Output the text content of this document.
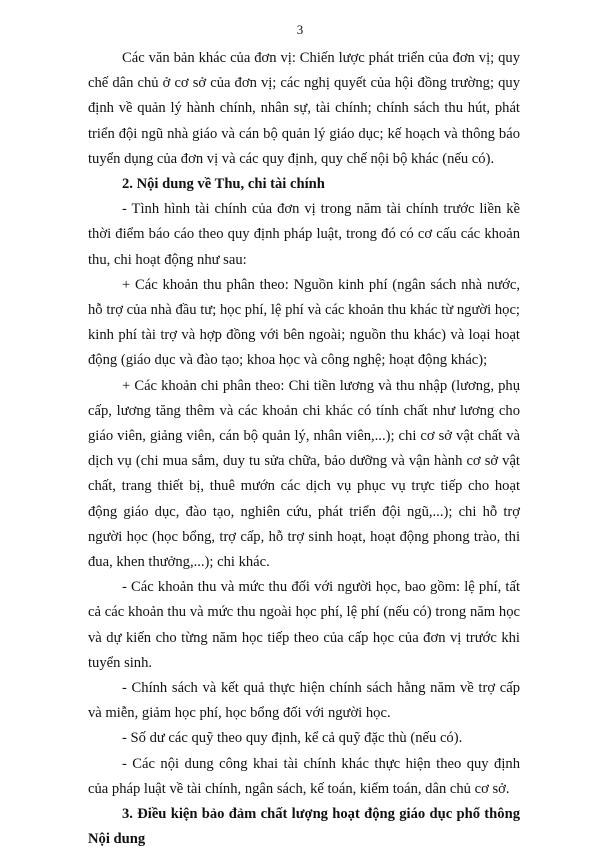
3

Các văn bản khác của đơn vị: Chiến lược phát triển của đơn vị; quy chế dân chủ ở cơ sở của đơn vị; các nghị quyết của hội đồng trường; quy định về quản lý hành chính, nhân sự, tài chính; chính sách thu hút, phát triển đội ngũ nhà giáo và cán bộ quản lý giáo dục; kế hoạch và thông báo tuyển dụng của đơn vị và các quy định, quy chế nội bộ khác (nếu có).

2. Nội dung về Thu, chi tài chính

- Tình hình tài chính của đơn vị trong năm tài chính trước liền kề thời điểm báo cáo theo quy định pháp luật, trong đó có cơ cấu các khoản thu, chi hoạt động như sau:

+ Các khoản thu phân theo: Nguồn kinh phí (ngân sách nhà nước, hỗ trợ của nhà đầu tư; học phí, lệ phí và các khoản thu khác từ người học; kinh phí tài trợ và hợp đồng với bên ngoài; nguồn thu khác) và loại hoạt động (giáo dục và đào tạo; khoa học và công nghệ; hoạt động khác);

+ Các khoản chi phân theo: Chi tiền lương và thu nhập (lương, phụ cấp, lương tăng thêm và các khoản chi khác có tính chất như lương cho giáo viên, giảng viên, cán bộ quản lý, nhân viên,...); chi cơ sở vật chất và dịch vụ (chi mua sắm, duy tu sửa chữa, bảo dưỡng và vận hành cơ sở vật chất, trang thiết bị, thuê mướn các dịch vụ phục vụ trực tiếp cho hoạt động giáo dục, đào tạo, nghiên cứu, phát triển đội ngũ,...); chi hỗ trợ người học (học bổng, trợ cấp, hỗ trợ sinh hoạt, hoạt động phong trào, thi đua, khen thưởng,...); chi khác.

- Các khoản thu và mức thu đối với người học, bao gồm: lệ phí, tất cả các khoản thu và mức thu ngoài học phí, lệ phí (nếu có) trong năm học và dự kiến cho từng năm học tiếp theo của cấp học của đơn vị trước khi tuyển sinh.

- Chính sách và kết quả thực hiện chính sách hằng năm về trợ cấp và miễn, giảm học phí, học bổng đối với người học.

- Số dư các quỹ theo quy định, kể cả quỹ đặc thù (nếu có).

- Các nội dung công khai tài chính khác thực hiện theo quy định của pháp luật về tài chính, ngân sách, kế toán, kiểm toán, dân chủ cơ sở.

3. Điều kiện bảo đảm chất lượng hoạt động giáo dục phổ thông Nội dung
